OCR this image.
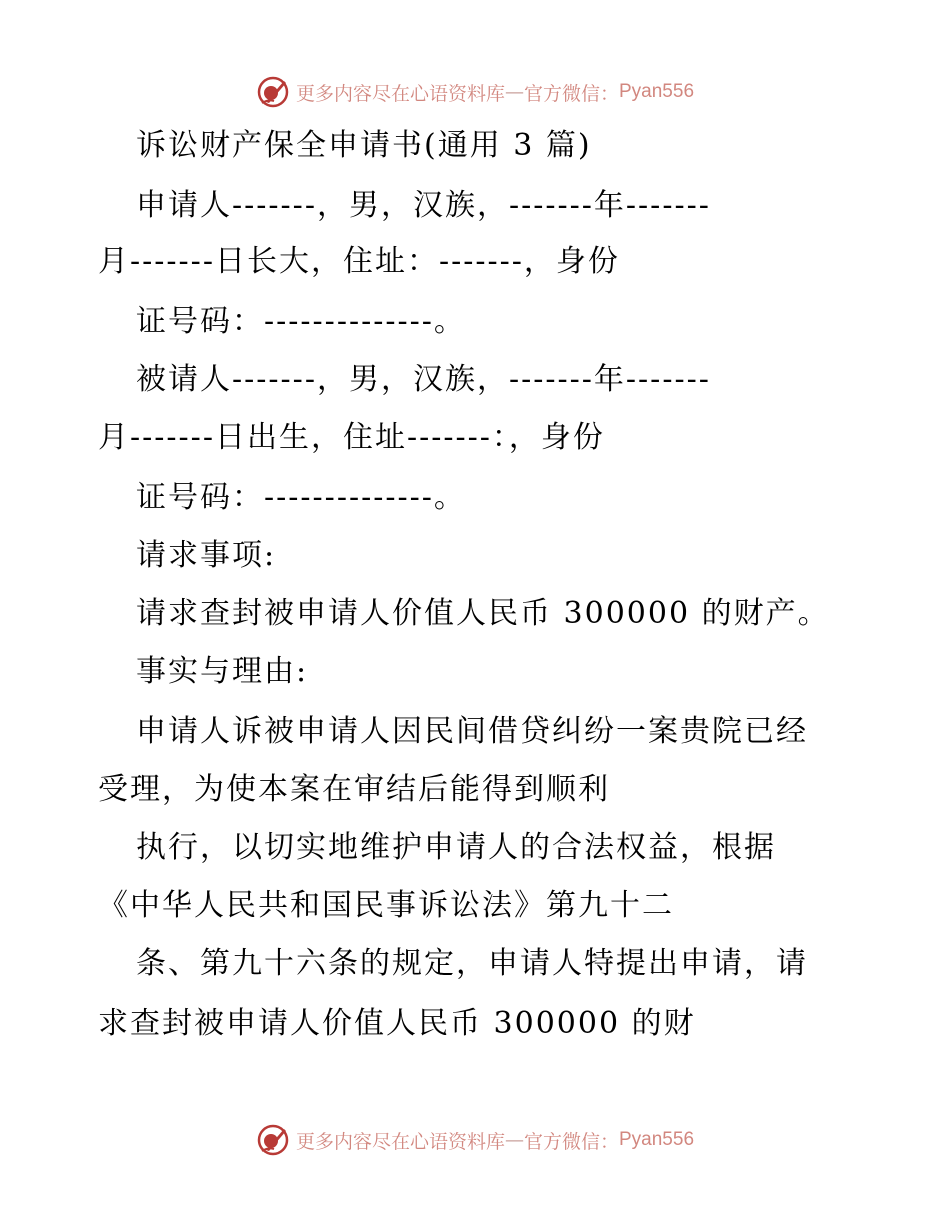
更多内容尽在心语资料库 — 官方微信： Pyan556
诉讼财产保全申请书(通用 3 篇)
申请人-------，男，汉族，-------年-------
月-------日长大，住址：-------，身份
证号码：--------------。
被请人-------，男，汉族，-------年-------
月-------日出生，住址-------：，身份
证号码：--------------。
请求事项:
请求查封被申请人价值人民币 300000 的财产。
事实与理由:
申请人诉被申请人因民间借贷纠纷一案贵院已经
受理，为使本案在审结后能得到顺利
执行，以切实地维护申请人的合法权益，根据
《中华人民共和国民事诉讼法》第九十二
条、第九十六条的规定，申请人特提出申请，请
求查封被申请人价值人民币 300000 的财
更多内容尽在心语资料库 — 官方微信： Pyan556
